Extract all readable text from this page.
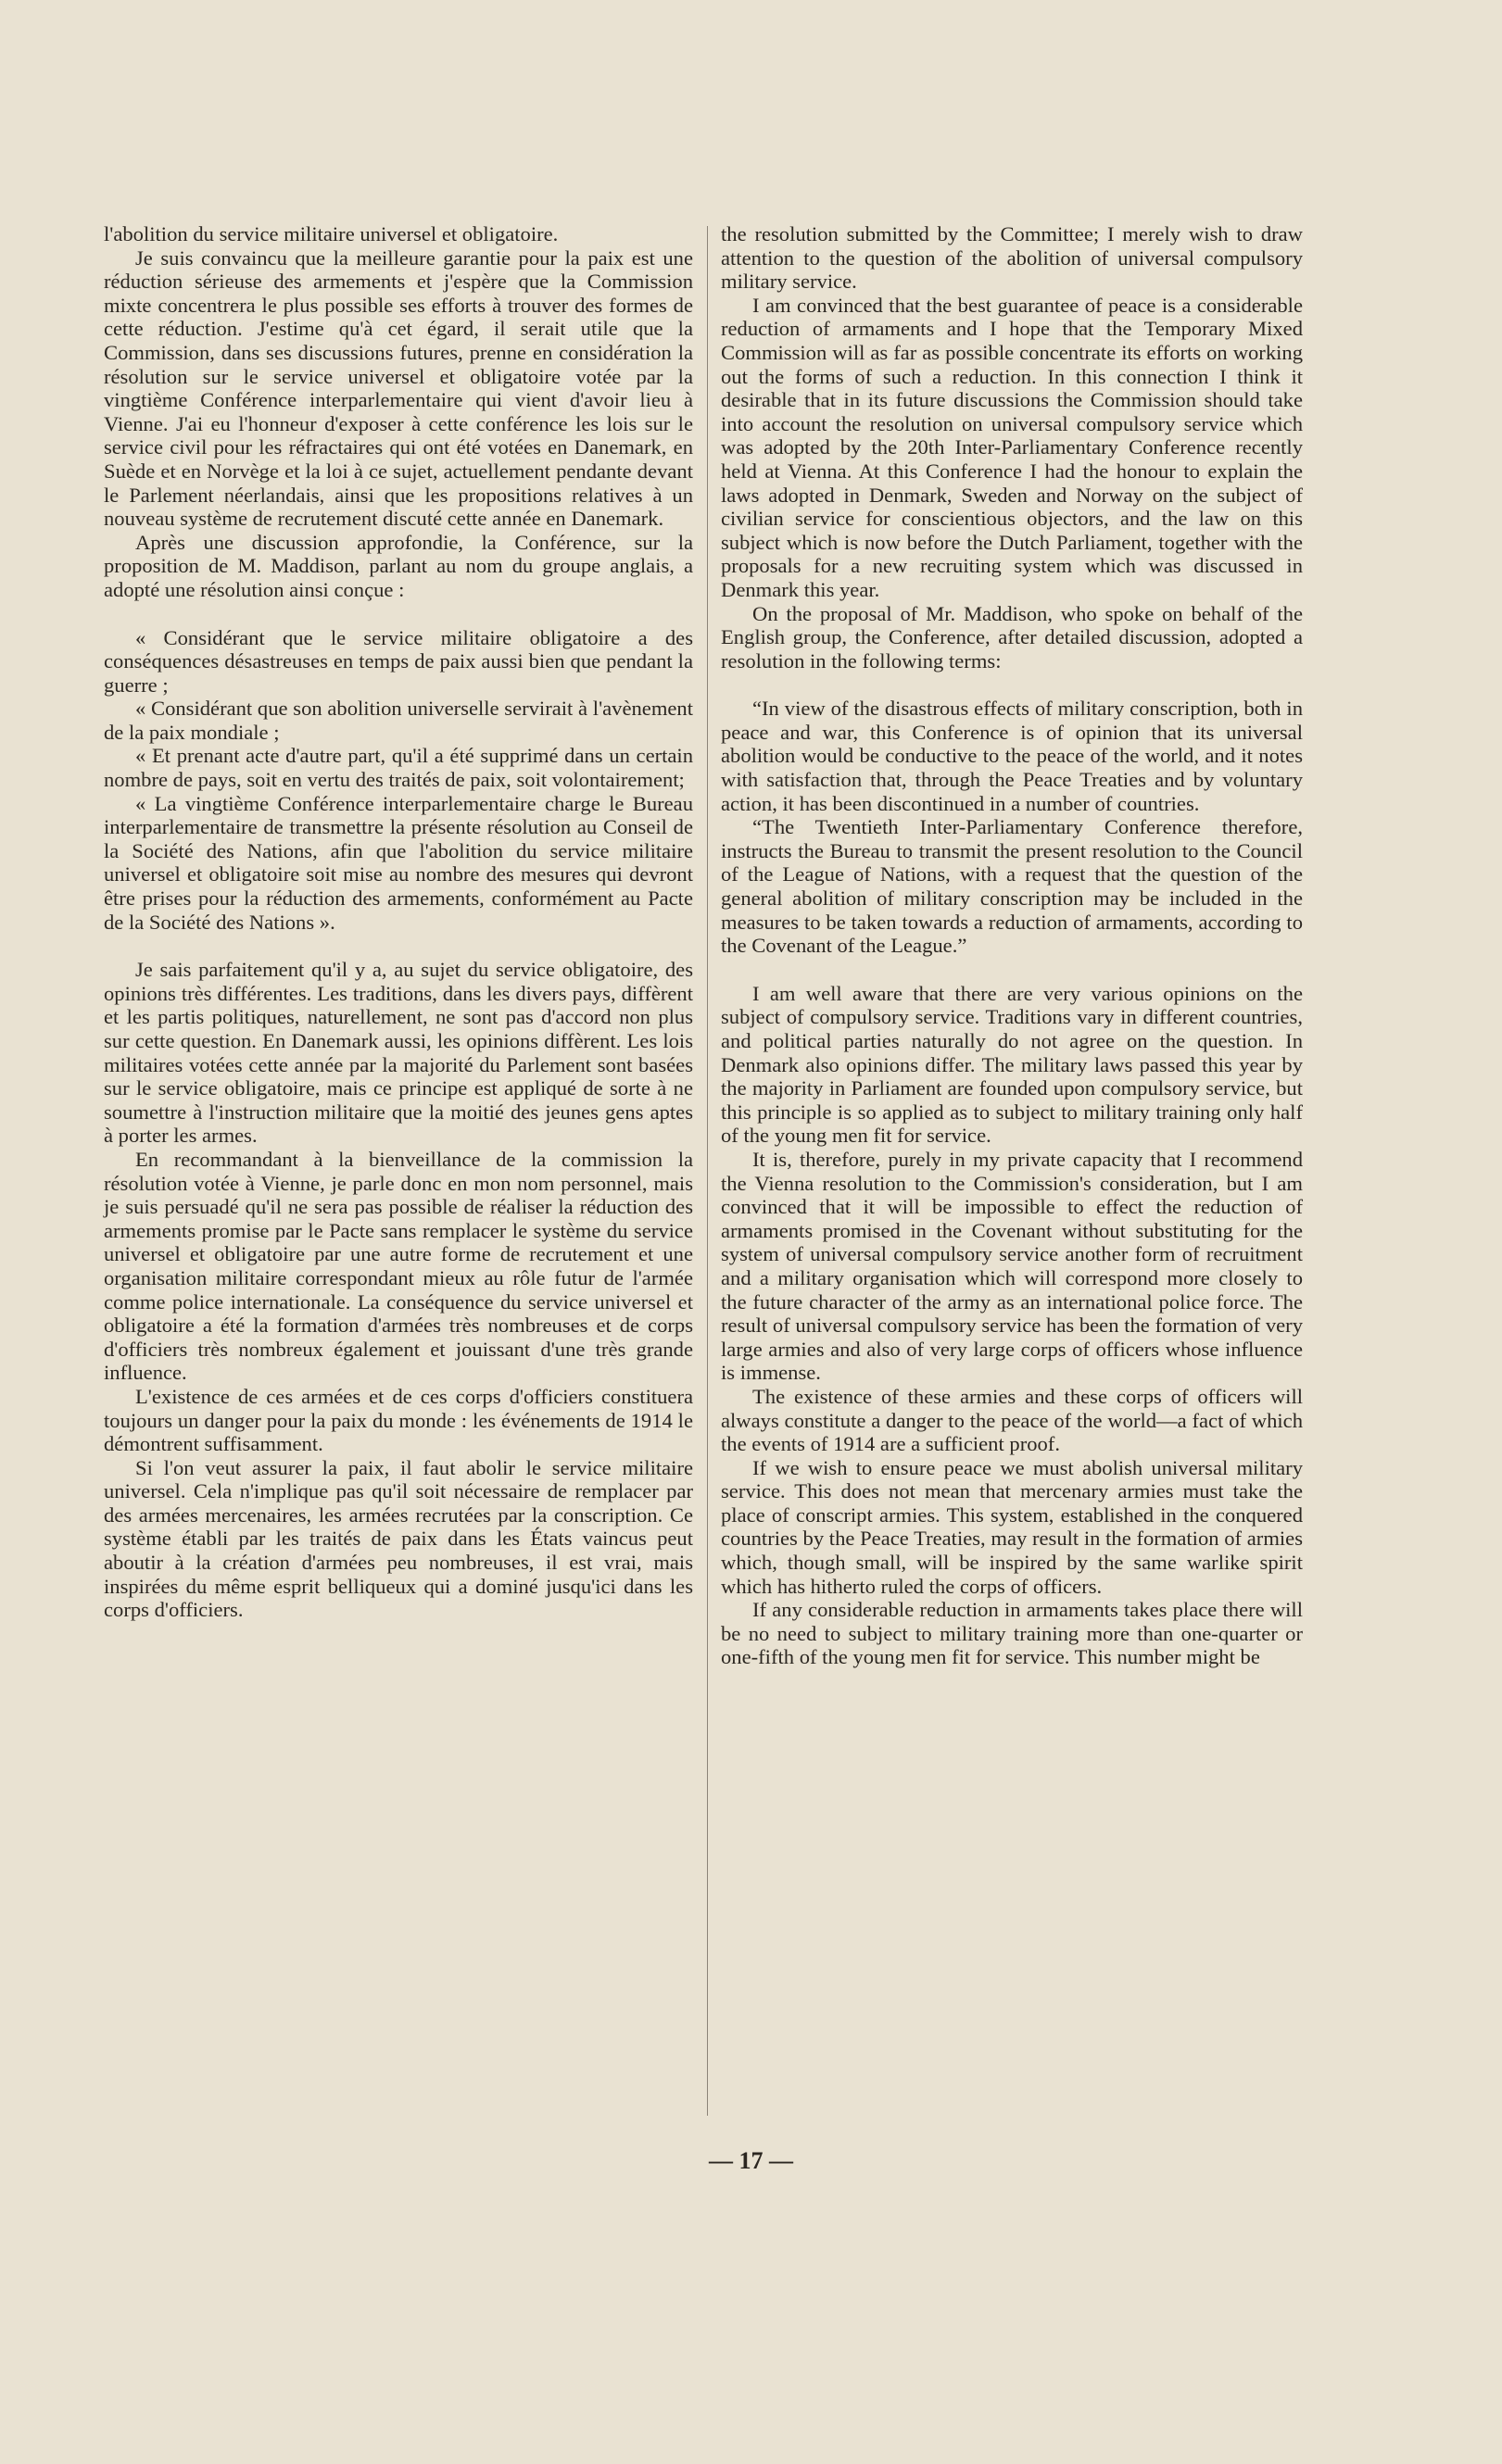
l'abolition du service militaire universel et obligatoire.

Je suis convaincu que la meilleure garantie pour la paix est une réduction sérieuse des armements et j'espère que la Commission mixte concentrera le plus possible ses efforts à trouver des formes de cette réduction. J'estime qu'à cet égard, il serait utile que la Commission, dans ses discussions futures, prenne en considération la résolution sur le service universel et obligatoire votée par la vingtième Conférence interparlementaire qui vient d'avoir lieu à Vienne. J'ai eu l'honneur d'exposer à cette conférence les lois sur le service civil pour les réfractaires qui ont été votées en Danemark, en Suède et en Norvège et la loi à ce sujet, actuellement pendante devant le Parlement néerlandais, ainsi que les propositions relatives à un nouveau système de recrutement discuté cette année en Danemark.

Après une discussion approfondie, la Conférence, sur la proposition de M. Maddison, parlant au nom du groupe anglais, a adopté une résolution ainsi conçue :

« Considérant que le service militaire obligatoire a des conséquences désastreuses en temps de paix aussi bien que pendant la guerre ;

« Considérant que son abolition universelle servirait à l'avènement de la paix mondiale ;

« Et prenant acte d'autre part, qu'il a été supprimé dans un certain nombre de pays, soit en vertu des traités de paix, soit volontairement;

« La vingtième Conférence interparlementaire charge le Bureau interparlementaire de transmettre la présente résolution au Conseil de la Société des Nations, afin que l'abolition du service militaire universel et obligatoire soit mise au nombre des mesures qui devront être prises pour la réduction des armements, conformément au Pacte de la Société des Nations ».

Je sais parfaitement qu'il y a, au sujet du service obligatoire, des opinions très différentes. Les traditions, dans les divers pays, diffèrent et les partis politiques, naturellement, ne sont pas d'accord non plus sur cette question. En Danemark aussi, les opinions diffèrent. Les lois militaires votées cette année par la majorité du Parlement sont basées sur le service obligatoire, mais ce principe est appliqué de sorte à ne soumettre à l'instruction militaire que la moitié des jeunes gens aptes à porter les armes.

En recommandant à la bienveillance de la commission la résolution votée à Vienne, je parle donc en mon nom personnel, mais je suis persuadé qu'il ne sera pas possible de réaliser la réduction des armements promise par le Pacte sans remplacer le système du service universel et obligatoire par une autre forme de recrutement et une organisation militaire correspondant mieux au rôle futur de l'armée comme police internationale. La conséquence du service universel et obligatoire a été la formation d'armées très nombreuses et de corps d'officiers très nombreux également et jouissant d'une très grande influence.

L'existence de ces armées et de ces corps d'officiers constituera toujours un danger pour la paix du monde : les événements de 1914 le démontrent suffisamment.

Si l'on veut assurer la paix, il faut abolir le service militaire universel. Cela n'implique pas qu'il soit nécessaire de remplacer par des armées mercenaires, les armées recrutées par la conscription. Ce système établi par les traités de paix dans les États vaincus peut aboutir à la création d'armées peu nombreuses, il est vrai, mais inspirées du même esprit belliqueux qui a dominé jusqu'ici dans les corps d'officiers.

the resolution submitted by the Committee; I merely wish to draw attention to the question of the abolition of universal compulsory military service.

I am convinced that the best guarantee of peace is a considerable reduction of armaments and I hope that the Temporary Mixed Commission will as far as possible concentrate its efforts on working out the forms of such a reduction. In this connection I think it desirable that in its future discussions the Commission should take into account the resolution on universal compulsory service which was adopted by the 20th Inter-Parliamentary Conference recently held at Vienna. At this Conference I had the honour to explain the laws adopted in Denmark, Sweden and Norway on the subject of civilian service for conscientious objectors, and the law on this subject which is now before the Dutch Parliament, together with the proposals for a new recruiting system which was discussed in Denmark this year.

On the proposal of Mr. Maddison, who spoke on behalf of the English group, the Conference, after detailed discussion, adopted a resolution in the following terms:

“In view of the disastrous effects of military conscription, both in peace and war, this Conference is of opinion that its universal abolition would be conductive to the peace of the world, and it notes with satisfaction that, through the Peace Treaties and by voluntary action, it has been discontinued in a number of countries.

“The Twentieth Inter-Parliamentary Conference therefore, instructs the Bureau to transmit the present resolution to the Council of the League of Nations, with a request that the question of the general abolition of military conscription may be included in the measures to be taken towards a reduction of armaments, according to the Covenant of the League.”

I am well aware that there are very various opinions on the subject of compulsory service. Traditions vary in different countries, and political parties naturally do not agree on the question. In Denmark also opinions differ. The military laws passed this year by the majority in Parliament are founded upon compulsory service, but this principle is so applied as to subject to military training only half of the young men fit for service.

It is, therefore, purely in my private capacity that I recommend the Vienna resolution to the Commission's consideration, but I am convinced that it will be impossible to effect the reduction of armaments promised in the Covenant without substituting for the system of universal compulsory service another form of recruitment and a military organisation which will correspond more closely to the future character of the army as an international police force. The result of universal compulsory service has been the formation of very large armies and also of very large corps of officers whose influence is immense.

The existence of these armies and these corps of officers will always constitute a danger to the peace of the world—a fact of which the events of 1914 are a sufficient proof.

If we wish to ensure peace we must abolish universal military service. This does not mean that mercenary armies must take the place of conscript armies. This system, established in the conquered countries by the Peace Treaties, may result in the formation of armies which, though small, will be inspired by the same warlike spirit which has hitherto ruled the corps of officers.

If any considerable reduction in armaments takes place there will be no need to subject to military training more than one-quarter or one-fifth of the young men fit for service. This number might be

— 17 —
